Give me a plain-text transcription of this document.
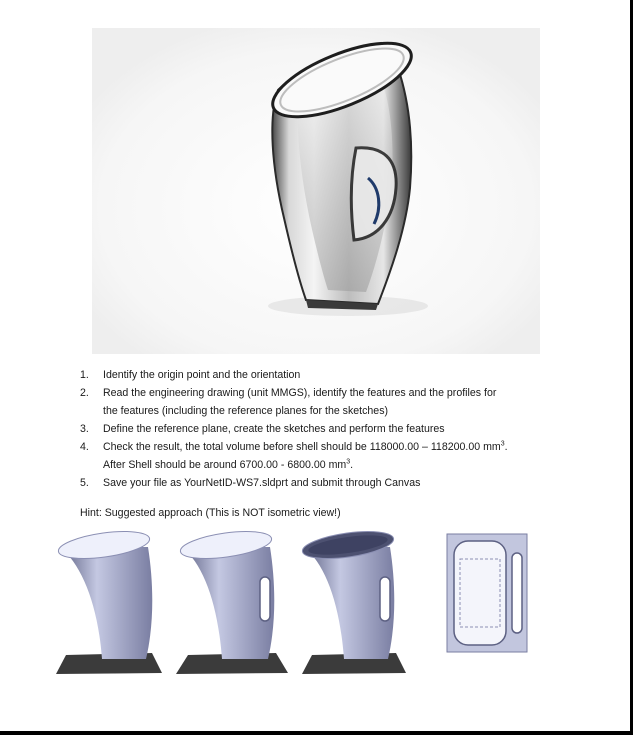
1. Identify the origin point and the orientation
2. Read the engineering drawing (unit MMGS), identify the features and the profiles for
the features (including the reference planes for the sketches)
3. Define the reference plane, create the sketches and perform the features
4. Check the result, the total volume before shell should be 118000.00 – 118200.00 $mm^3$.
After Shell should be around 6700.00 - 6800.00 $mm^3$.
5. Save your file as YourNetID-WS7.sldprt and submit through Canvas
Hint: Suggested approach (This is NOT isometric view!)
